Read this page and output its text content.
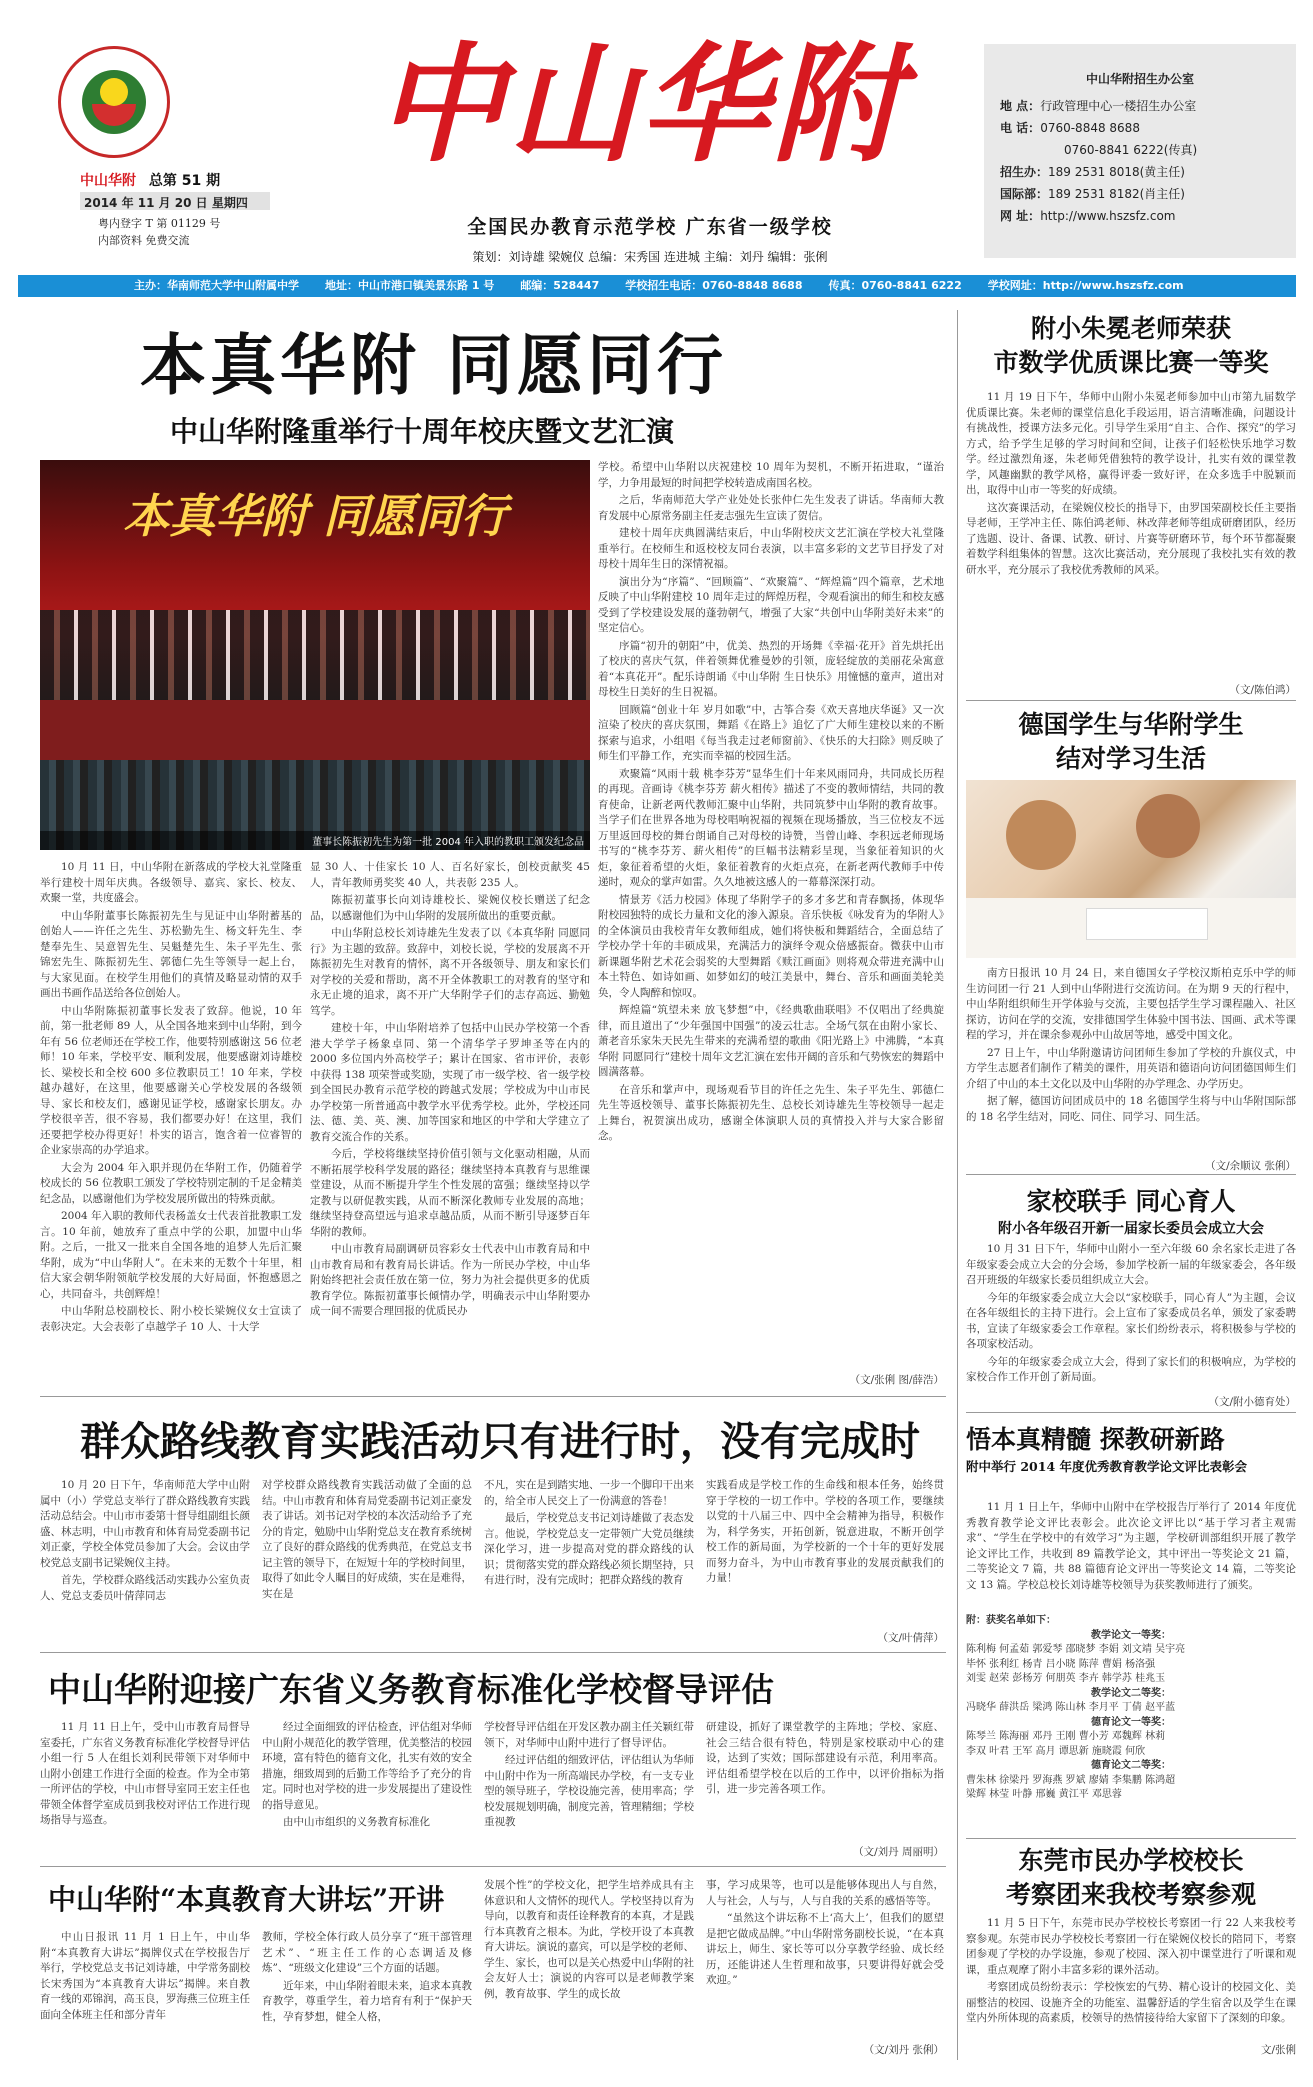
中山华附 总第 51 期
2014 年 11 月 20 日 星期四
粤内登字 T 第 01129 号
内部资料 免费交流
中山华附
全国民办教育示范学校 广东省一级学校
策划：刘诗雄 梁婉仪 总编：宋秀国 连进城 主编：刘丹 编辑：张俐
中山华附招生办公室
地 点：行政管理中心一楼招生办公室
电 话：0760-8848 8688
0760-8841 6222(传真)
招生办：189 2531 8018(黄主任)
国际部：189 2531 8182(肖主任)
网 址：http://www.hszsfz.com
主办：华南师范大学中山附属中学 地址：中山市港口镇美景东路 1 号 邮编：528447 学校招生电话：0760-8848 8688 传真：0760-8841 6222 学校网址：http://www.hszsfz.com
本真华附 同愿同行
中山华附隆重举行十周年校庆暨文艺汇演
本真华附 同愿同行
董事长陈振初先生为第一批 2004 年入职的教职工颁发纪念品

10 月 11 日，中山华附在新落成的学校大礼堂隆重举行建校十周年庆典。各级领导、嘉宾、家长、校友、欢聚一堂，共度盛会。

中山华附董事长陈振初先生与见证中山华附蓄基的创始人——许任之先生、苏松勤先生、杨文轩先生、李楚奉先生、吴意智先生、吴魁楚先生、朱子平先生、张锦宏先生、陈振初先生、郭德仁先生等领导一起上台，与大家见面。在校学生用他们的真情及略显动情的双手画出书画作品送给各位创始人。

中山华附陈振初董事长发表了致辞。他说，10 年前，第一批老师 89 人，从全国各地来到中山华附，到今年有 56 位老师还在学校工作，他要特别感谢这 56 位老师！10 年来，学校平安、顺利发展，他要感谢刘诗雄校长、梁校长和全校 600 多位教职员工！10 年来，学校越办越好，在这里，他要感谢关心学校发展的各级领导、家长和校友们，感谢见证学校，感谢家长朋友。办学校很辛苦，很不容易，我们都要办好！在这里，我们还要把学校办得更好！朴实的语言，饱含着一位睿智的企业家崇高的办学追求。

大会为 2004 年入职并现仍在华附工作，仍随着学校成长的 56 位教职工颁发了学校特别定制的千足金精美纪念品，以感谢他们为学校发展所做出的特殊贡献。

2004 年入职的教师代表杨盖女士代表首批教职工发言。10 年前，她放弃了重点中学的公职，加盟中山华附。之后，一批又一批来自全国各地的追梦人先后汇聚华附，成为“中山华附人”。在未来的无数个十年里，相信大家会朝华附领航学校发展的大好局面，怀抱感恩之心，共同奋斗，共创辉煌！

中山华附总校副校长、附小校长梁婉仪女士宣读了表彰决定。大会表彰了卓越学子 10 人、十大学

显 30 人、十佳家长 10 人、百名好家长，创校贡献奖 45 人，青年教师勇奖奖 40 人，共表彰 235 人。

陈振初董事长向刘诗雄校长、梁婉仪校长赠送了纪念品，以感谢他们为中山华附的发展所做出的重要贡献。

中山华附总校长刘诗雄先生发表了以《本真华附 同愿同行》为主题的致辞。致辞中，刘校长说，学校的发展离不开陈振初先生对教育的情怀，离不开各级领导、朋友和家长们对学校的关爱和帮助，离不开全体教职工的对教育的坚守和永无止境的追求，离不开广大华附学子们的志存高远、勤勉笃学。

建校十年，中山华附培养了包括中山民办学校第一个香港大学学子杨象卓同、第一个清华学子罗坤圣等在内的 2000 多位国内外高校学子；累计在国家、省市评价，表彰中获得 138 项荣誉或奖励，实现了市一级学校、省一级学校到全国民办教育示范学校的跨越式发展；学校成为中山市民办学校第一所普通高中教学水平优秀学校。此外，学校还同法、德、美、英、澳、加等国家和地区的中学和大学建立了教育交流合作的关系。

今后，学校将继续坚持价值引领与文化驱动相融，从而不断拓展学校科学发展的路径；继续坚持本真教育与思维课堂建设，从而不断提升学生个性发展的富强；继续坚持以学定教与以研促教实践，从而不断深化教师专业发展的高地；继续坚持登高望远与追求卓越品质，从而不断引导逐梦百年华附的教师。

中山市教育局副调研员容彩女士代表中山市教育局和中山市教育局和有教育局长讲话。作为一所民办学校，中山华附始终把社会责任放在第一位，努力为社会提供更多的优质教育学位。陈振初董事长倾情办学，明确表示中山华附要办成一间不需要合理回报的优质民办

学校。希望中山华附以庆祝建校 10 周年为契机，不断开拓进取，“谨治学，力争用最短的时间把学校转造成南国名校。

之后，华南师范大学产业处处长张仲仁先生发表了讲话。华南师大教育发展中心原常务副主任麦志强先生宣读了贺信。

建校十周年庆典圆满结束后，中山华附校庆文艺汇演在学校大礼堂隆重举行。在校师生和返校校友同台表演，以丰富多彩的文艺节目抒发了对母校十周年生日的深情祝福。

演出分为“序篇”、“回顾篇”、“欢聚篇”、“辉煌篇”四个篇章，艺术地反映了中山华附建校 10 周年走过的辉煌历程，令观看演出的师生和校友感受到了学校建设发展的蓬勃朝气，增强了大家“共创中山华附美好未来”的坚定信心。

序篇“初升的朝阳”中，优美、热烈的开场舞《幸福·花开》首先烘托出了校庆的喜庆气氛，伴着领舞优雅曼妙的引领，庞轻绽放的美丽花朵寓意着“本真花开”。配乐诗朗诵《中山华附 生日快乐》用憧憾的童声，道出对母校生日美好的生日祝福。

回顾篇“创业十年 岁月如歌”中，古筝合奏《欢天喜地庆华诞》又一次渲染了校庆的喜庆氛围，舞蹈《在路上》追忆了广大师生建校以来的不断探索与追求，小组唱《每当我走过老师窗前》、《快乐的大扫除》则反映了师生们平静工作，充实而幸福的校园生活。

欢聚篇“风雨十载 桃李芬芳”显华生们十年来风雨同舟，共同成长历程的再现。音画诗《桃李芬芳 薪火相传》描述了不变的教师情结，共同的教育使命，让新老两代教师汇聚中山华附，共同筑梦中山华附的教育故事。当学子们在世界各地为母校唱响祝福的视频在现场播放，当三位校友不远万里返回母校的舞台朗诵自己对母校的诗赞，当曾山峰、李积远老师现场书写的“桃李芬芳、薪火相传”的巨幅书法精彩呈现，当象征着知识的火炬，象征着希望的火炬，象征着教育的火炬点亮，在新老两代教师手中传递时，观众的掌声如雷。久久地被这感人的一幕幕深深打动。

情景芳《活力校园》体现了华附学子的多才多艺和青春飘扬，体现华附校园独特的成长力量和文化的渗入源泉。音乐快板《咏发育为的华附人》的全体演员由我校青年女教师组成，她们将快板和舞蹈结合，全面总结了学校办学十年的丰硕成果，充满活力的演绎令观众倍感振奋。微获中山市新课题华附艺术花会弱奖的大型舞蹈《赎江画面》则将观众带进充满中山本土特色、如诗如画、如梦如幻的岐江美景中，舞台、音乐和画面美轮美奂，令人陶醉和惊叹。

辉煌篇“筑望未来 放飞梦想”中，《经典歌曲联唱》不仅唱出了经典旋律，而且道出了“少年强国中国强”的凌云壮志。全场气氛在由附小家长、萧老音乐家朱天民先生带来的充满希望的歌曲《阳光路上》中沸腾，“本真华附 同愿同行”建校十周年文艺汇演在宏伟开阔的音乐和气势恢宏的舞蹈中圆满落幕。

在音乐和掌声中，现场观看节目的许任之先生、朱子平先生、郭德仁先生等返校领导、董事长陈振初先生、总校长刘诗雄先生等校领导一起走上舞台，祝贺演出成功，感谢全体演职人员的真情投入并与大家合影留念。

（文/张俐 图/薛浩）
群众路线教育实践活动只有进行时，没有完成时

10 月 20 日下午，华南师范大学中山附属中（小）学党总支举行了群众路线教育实践活动总结会。中山市市委第十督导组副组长颜盛、林志明，中山市教育和体育局党委副书记刘正豪，学校全体党员参加了大会。会议由学校党总支副书记梁婉仪主持。

首先，学校群众路线活动实践办公室负责人、党总支委员叶倩萍同志

对学校群众路线教育实践活动做了全面的总结。中山市教育和体育局党委副书记刘正豪发表了讲话。刘书记对学校的本次活动给予了充分的肯定，勉励中山华附党总支在教育系统树立了良好的群众路线的优秀典范，在党总支书记主管的领导下，在短短十年的学校时间里，取得了如此令人瞩目的好成绩，实在是难得，实在是

不凡，实在是到踏实地、一步一个脚印干出来的，给全市人民交上了一份满意的答卷！

最后，学校党总支书记刘诗雄做了表态发言。他说，学校党总支一定带领广大党员继续深化学习，进一步提高对党的群众路线的认识；贯彻落实党的群众路线必须长期坚持，只有进行时，没有完成时；把群众路线的教育

实践看成是学校工作的生命线和根本任务，始终贯穿于学校的一切工作中。学校的各项工作，要继续以党的十八届三中、四中全会精神为指导，积极作为，科学务实，开拓创新，锐意进取，不断开创学校工作的新局面，为学校新的一个十年的更好发展而努力奋斗，为中山市教育事业的发展贡献我们的力量！

（文/叶倩萍）
中山华附迎接广东省义务教育标准化学校督导评估

11 月 11 日上午，受中山市教育局督导室委托，广东省义务教育标准化学校督导评估小组一行 5 人在组长刘利民带领下对华师中山附小创建工作进行全面的检查。作为全市第一所评估的学校，中山市督导室同王宏主任也带领全体督学室成员到我校对评估工作进行现场指导与巡查。

经过全面细致的评估检查，评估组对华师中山附小规范化的教学管理，优美整洁的校园环境，富有特色的德育文化，扎实有效的安全措施，细致周到的后勤工作等给予了充分的肯定。同时也对学校的进一步发展提出了建设性的指导意见。

由中山市组织的义务教育标准化

学校督导评估组在开发区教办副主任关颖红带领下，对华师中山附中进行了督导评估。

经过评估组的细致评估，评估组认为华师中山附中作为一所高端民办学校，有一支专业型的领导班子，学校设施完善，使用率高；学校发展规划明确，制度完善，管理精细；学校重视教

研建设，抓好了课堂教学的主阵地；学校、家庭、社会三结合很有特色，特别是家校联动中心的建设，达到了实效；国际部建设有示范，利用率高。评估组希望学校在以后的工作中，以评价指标为指引，进一步完善各项工作。

（文/刘丹 周丽明）
中山华附“本真教育大讲坛”开讲

中山日报讯 11 月 1 日上午，中山华附“本真教育大讲坛”揭牌仪式在学校报告厅举行，学校党总支书记刘诗雄，中学常务副校长宋秀国为“本真教育大讲坛”揭牌。来自教育一线的邓锦润，高玉良，罗海燕三位班主任面向全体班主任和部分青年

教师，学校全体行政人员分享了“班干部管理艺术”、“班主任工作的心态调适及修炼”、“班级文化建设”三个方面的话题。

近年来，中山华附着眼未来，追求本真教育教学，尊重学生，着力培育有利于“保护天性，孕育梦想，健全人格，

发展个性”的学校文化，把学生培养成具有主体意识和人文情怀的现代人。学校坚持以育为导向，以教育和责任诠释教育的本真，才是践行本真教育之根本。为此，学校开设了本真教育大讲坛。演说的嘉宾，可以是学校的老师、学生、家长，也可以是关心热爱中山华附的社会友好人士；演说的内容可以是老师教学案例，教育故事、学生的成长故

事，学习成果等，也可以是能够体现出人与自然，人与社会，人与与，人与自我的关系的感悟等等。

“虽然这个讲坛称不上‘高大上’，但我们的愿望是把它做成品牌。”中山华附常务副校长说，“在本真讲坛上，师生、家长等可以分享教学经验、成长经历，还能讲述人生哲理和故事，只要讲得好就会受欢迎。”

（文/刘丹 张俐）
附小朱冕老师荣获
市数学优质课比赛一等奖

11 月 19 日下午，华师中山附小朱冕老师参加中山市第九届数学优质课比赛。朱老师的课堂信息化手段运用，语言清晰准确，问题设计有挑战性，授课方法多元化。引导学生采用“自主、合作、探究”的学习方式，给予学生足够的学习时间和空间，让孩子们轻松快乐地学习数学。经过激烈角逐，朱老师凭借独特的教学设计，扎实有效的课堂教学，风趣幽默的教学风格，赢得评委一致好评，在众多选手中脱颖而出，取得中山市一等奖的好成绩。

这次赛课活动，在梁婉仪校长的指导下，由罗国荣副校长任主要指导老师，王学冲主任、陈伯鸿老师、林改萍老师等组成研磨团队，经历了选题、设计、备课、试教、研讨、片赛等研磨环节，每个环节都凝聚着数学科组集体的智慧。这次比赛活动，充分展现了我校扎实有效的教研水平，充分展示了我校优秀教师的风采。

（文/陈伯鸿）
德国学生与华附学生
结对学习生活

南方日报讯 10 月 24 日，来自德国女子学校汉斯柏克乐中学的师生访问团一行 21 人到中山华附进行交流访问。在为期 9 天的行程中，中山华附组织师生开学体验与交流，主要包括学生学习课程融入、社区探访，访问在学的交流，安排德国学生体验中国书法、国画、武术等课程的学习，并在课余参观孙中山故居等地，感受中国文化。

27 日上午，中山华附邀请访问团师生参加了学校的升旗仪式，中方学生志愿者们制作了精美的课件，用英语和德语向访问团德国师生们介绍了中山的本土文化以及中山华附的办学理念、办学历史。

据了解，德国访问团成员中的 18 名德国学生将与中山华附国际部的 18 名学生结对，同吃、同住、同学习、同生活。

（文/余顺议 张俐）
家校联手 同心育人
附小各年级召开新一届家长委员会成立大会

10 月 31 日下午，华师中山附小一至六年级 60 余名家长走进了各年级家委会成立大会的分会场，参加学校新一届的年级家委会，各年级召开班级的年级家长委员组织成立大会。

今年的年级家委会成立大会以“家校联手，同心育人”为主题，会议在各年级组长的主持下进行。会上宣布了家委成员名单，颁发了家委聘书，宣读了年级家委会工作章程。家长们纷纷表示，将积极参与学校的各项家校活动。

今年的年级家委会成立大会，得到了家长们的积极响应，为学校的家校合作工作开创了新局面。

（文/附小德育处）
悟本真精髓 探教研新路
附中举行 2014 年度优秀教育教学论文评比表彰会

11 月 1 日上午，华师中山附中在学校报告厅举行了 2014 年度优秀教育教学论文评比表彰会。此次论文评比以“基于学习者主观需求”、“学生在学校中的有效学习”为主题，学校研训部组织开展了教学论文评比工作，共收到 89 篇教学论文，其中评出一等奖论文 21 篇，二等奖论文 7 篇，共 88 篇德育论文评出一等奖论文 14 篇，二等奖论文 13 篇。学校总校长刘诗雄等校领导为获奖教师进行了颁奖。

附：获奖名单如下：
教学论文一等奖：
陈利梅 何孟茹 郭爱琴 邵晓梦 李娟 刘文靖 吴宇亮
毕怀 张利红 杨青 吕小晓 陈萍 曹娟 杨洛强
刘雯 赵荣 彭杨芳 何朋英 李卉 韩学苏 桂兆玉
教学论文二等奖：
冯晓华 薛洪岳 梁鸿 陈山林 李月平 丁倩 赵平蓝
德育论文一等奖：
陈琴兰 陈海丽 邓丹 王刚 曹小芳 邓魏辉 林莉
李双 叶君 王军 高月 谭思新 施晓霞 何欣
德育论文二等奖：
曹朱林 徐梁丹 罗海燕 罗斌 廖婧 李集鹏 陈鸿超
梁辉 林莹 叶静 邢巍 黄江平 邓思蓉
东莞市民办学校校长
考察团来我校考察参观

11 月 5 日下午，东莞市民办学校校长考察团一行 22 人来我校考察参观。东莞市民办学校校长考察团一行在梁婉仪校长的陪同下，考察团参观了学校的办学设施，参观了校园、深入初中课堂进行了听课和观课，重点观摩了附小丰富多彩的课外活动。

考察团成员纷纷表示：学校恢宏的气势、精心设计的校园文化、美丽整洁的校园、设施齐全的功能室、温馨舒适的学生宿舍以及学生在课堂内外所体现的高素质，校领导的热情接待给大家留下了深刻的印象。

文/张俐
